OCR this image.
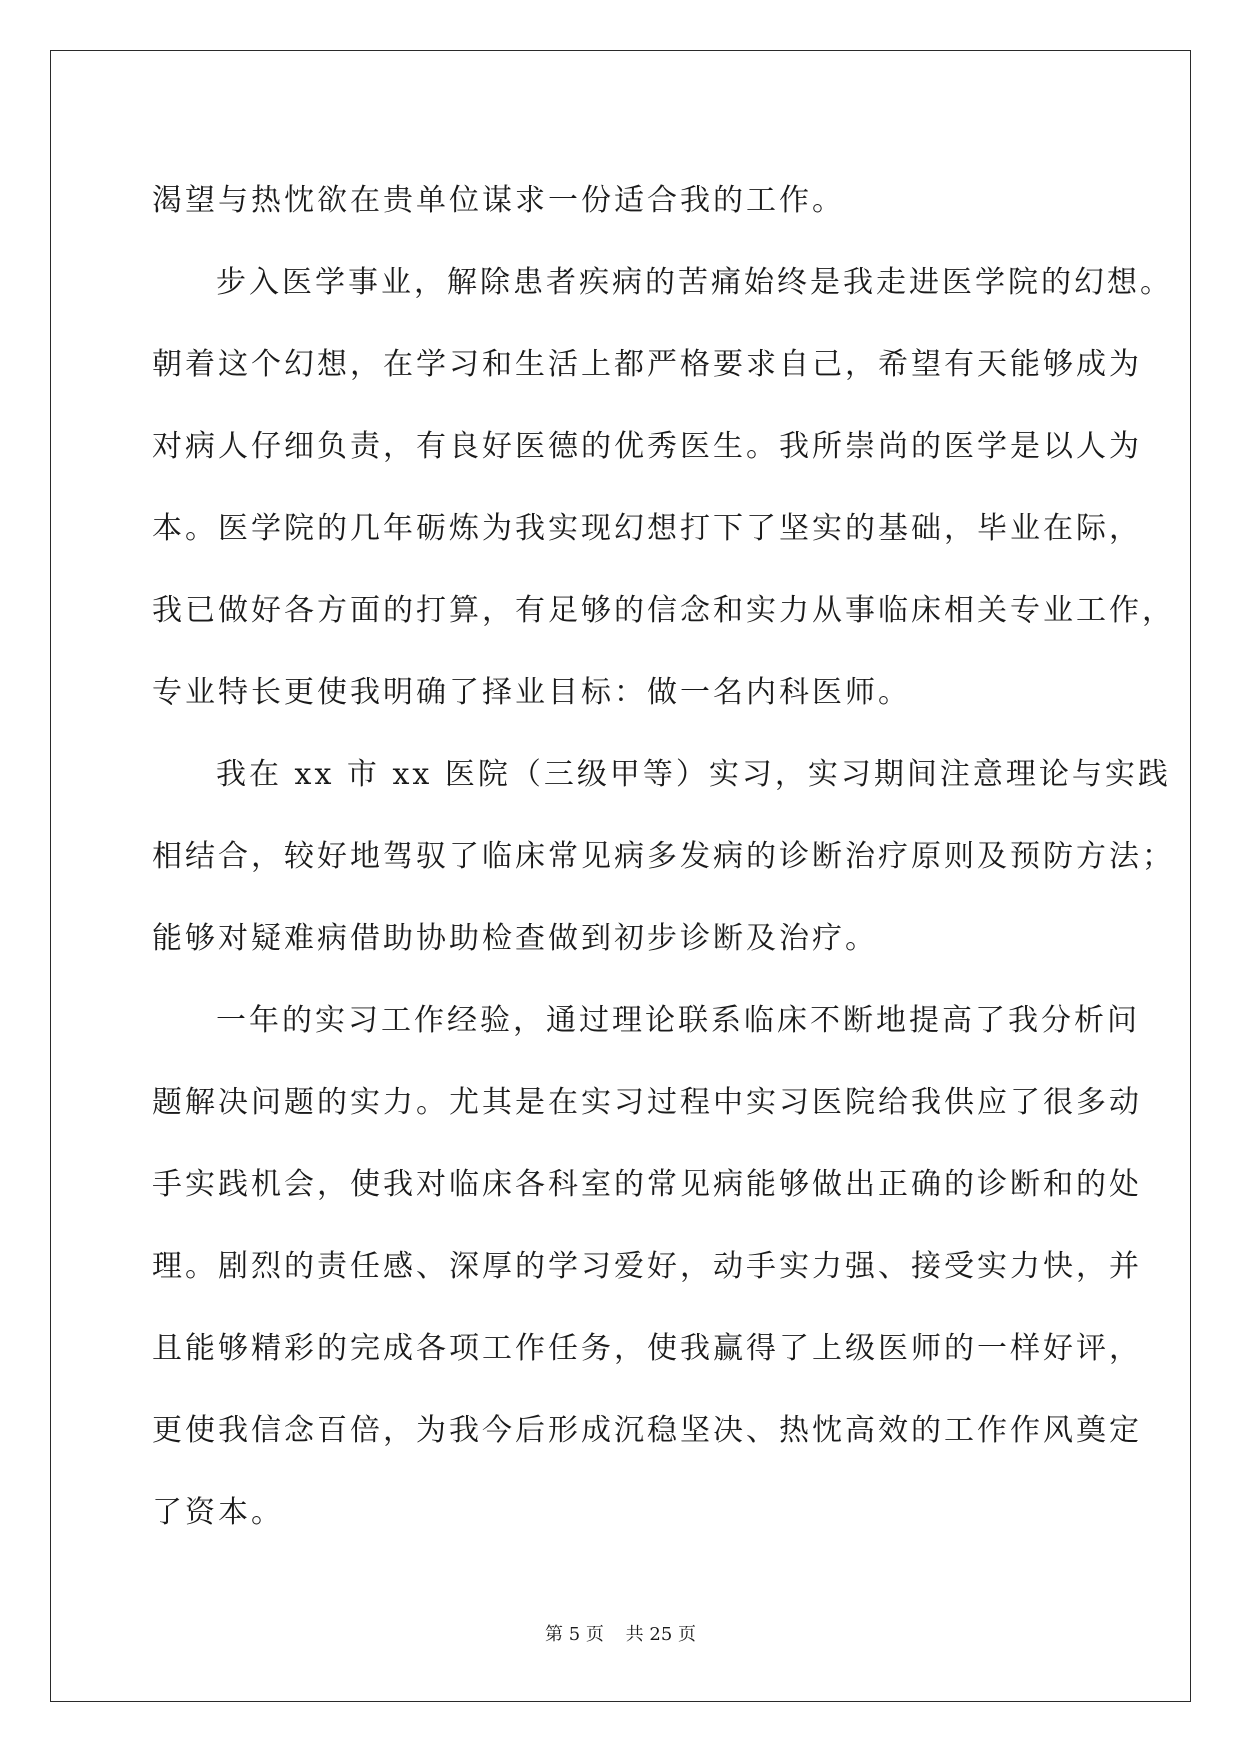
渴望与热忱欲在贵单位谋求一份适合我的工作。
步入医学事业，解除患者疾病的苦痛始终是我走进医学院的幻想。
朝着这个幻想，在学习和生活上都严格要求自己，希望有天能够成为
对病人仔细负责，有良好医德的优秀医生。我所崇尚的医学是以人为
本。医学院的几年砺炼为我实现幻想打下了坚实的基础，毕业在际，
我已做好各方面的打算，有足够的信念和实力从事临床相关专业工作，
专业特长更使我明确了择业目标：做一名内科医师。
我在 xx 市 xx 医院（三级甲等）实习，实习期间注意理论与实践
相结合，较好地驾驭了临床常见病多发病的诊断治疗原则及预防方法；
能够对疑难病借助协助检查做到初步诊断及治疗。
一年的实习工作经验，通过理论联系临床不断地提高了我分析问
题解决问题的实力。尤其是在实习过程中实习医院给我供应了很多动
手实践机会，使我对临床各科室的常见病能够做出正确的诊断和的处
理。剧烈的责任感、深厚的学习爱好，动手实力强、接受实力快，并
且能够精彩的完成各项工作任务，使我赢得了上级医师的一样好评，
更使我信念百倍，为我今后形成沉稳坚决、热忱高效的工作作风奠定
了资本。
第 5 页 共 25 页
